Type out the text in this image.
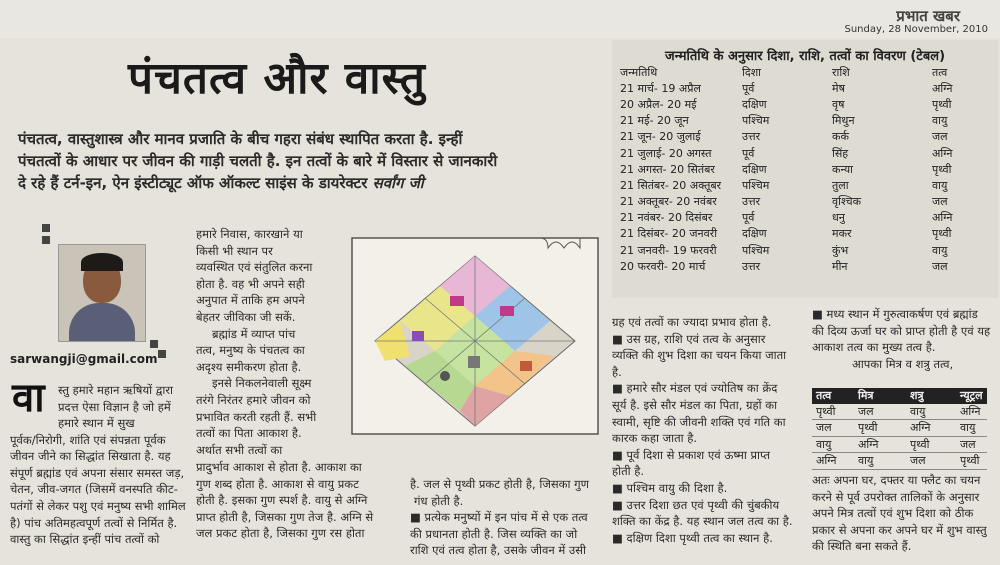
प्रभात खबर
Sunday, 28 November, 2010
पंचतत्व और वास्तु
पंचतत्व, वास्तुशास्त्र और मानव प्रजाति के बीच गहरा संबंध स्थापित करता है. इन्हीं
पंचतत्वों के आधार पर जीवन की गाड़ी चलती है. इन तत्वों के बारे में विस्तार से जानकारी
दे रहे हैं टर्न-इन, ऐन इंस्टीट्यूट ऑफ ऑकल्ट साइंस के डायरेक्टर सर्वांग जी
sarwangji@gmail.com
वा स्तु हमारे महान ऋषियों द्वारा
प्रदत्त ऐसा विज्ञान है जो हमें
हमारे स्थान में सुख
पूर्वक/निरोगी, शांति एवं संपन्नता पूर्वक
जीवन जीने का सिद्धांत सिखाता है. यह
संपूर्ण ब्रह्मांड एवं अपना संसार समस्त जड़,
चेतन, जीव-जगत (जिसमें वनस्पति कीट-
पतंगों से लेकर पशु एवं मनुष्य सभी शामिल
है) पांच अतिमहत्वपूर्ण तत्वों से निर्मित है.
वास्तु का सिद्धांत इन्हीं पांच तत्वों को
हमारे निवास, कारखाने या
किसी भी स्थान पर
व्यवस्थित एवं संतुलित करना
होता है. वह भी अपने सही
अनुपात में ताकि हम अपने
बेहतर जीविका जी सकें.
ब्रह्मांड में व्याप्त पांच
तत्व, मनुष्य के पंचतत्व का
अदृश्य समीकरण होता है.
इनसे निकलनेवाली सूक्ष्म
तरंगे निरंतर हमारे जीवन को
प्रभावित करती रहती हैं. सभी
तत्वों का पिता आकाश है.
अर्थात सभी तत्वों का
प्रादुर्भाव आकाश से होता है. आकाश का
गुण शब्द होता है. आकाश से वायु प्रकट
होती है. इसका गुण स्पर्श है. वायु से अग्नि
प्राप्त होती है, जिसका गुण तेज है. अग्नि से
जल प्रकट होता है, जिसका गुण रस होता
है. जल से पृथ्वी प्रकट होती है, जिसका गुण
गंध होती है.
■ प्रत्येक मनुष्यों में इन पांच में से एक तत्व
की प्रधानता होती है. जिस व्यक्ति का जो
राशि एवं तत्व होता है, उसके जीवन में उसी
जन्मतिथि के अनुसार दिशा, राशि, तत्वों का विवरण (टेबल)
जन्मतिथि	दिशा	राशि	तत्व
21 मार्च- 19 अप्रैल	पूर्व	मेष	अग्नि
20 अप्रैल- 20 मई	दक्षिण	वृष	पृथ्वी
21 मई- 20 जून	पश्चिम	मिथुन	वायु
21 जून- 20 जुलाई	उत्तर	कर्क	जल
21 जुलाई- 20 अगस्त	पूर्व	सिंह	अग्नि
21 अगस्त- 20 सितंबर	दक्षिण	कन्या	पृथ्वी
21 सितंबर- 20 अक्तूबर	पश्चिम	तुला	वायु
21 अक्तूबर- 20 नवंबर	उत्तर	वृश्चिक	जल
21 नवंबर- 20 दिसंबर	पूर्व	धनु	अग्नि
21 दिसंबर- 20 जनवरी	दक्षिण	मकर	पृथ्वी
21 जनवरी- 19 फरवरी	पश्चिम	कुंभ	वायु
20 फरवरी- 20 मार्च	उत्तर	मीन	जल
ग्रह एवं तत्वों का ज्यादा प्रभाव होता है.
■ उस ग्रह, राशि एवं तत्व के अनुसार
व्यक्ति की शुभ दिशा का चयन किया जाता
है.
■ हमारे सौर मंडल एवं ज्योतिष का क्रेंद
सूर्य है. इसे सौर मंडल का पिता, ग्रहों का
स्वामी, सृष्टि की जीवनी शक्ति एवं गति का
कारक कहा जाता है.
■ पूर्व दिशा से प्रकाश एवं ऊष्मा प्राप्त
होती है.
■ पश्चिम वायु की दिशा है.
■ उत्तर दिशा छत एवं पृथ्वी की चुंबकीय
शक्ति का केंद्र है. यह स्थान जल तत्व का है.
■ दक्षिण दिशा पृथ्वी तत्व का स्थान है.
■ मध्य स्थान में गुरुत्वाकर्षण एवं ब्रह्मांड
की दिव्य ऊर्जा घर को प्राप्त होती है एवं यह
आकाश तत्व का मुख्य तत्व है.
आपका मित्र व शत्रु तत्व,
तत्व	मित्र	शत्रु	न्यूट्रल
पृथ्वी	जल	वायु	अग्नि
जल	पृथ्वी	अग्नि	वायु
वायु	अग्नि	पृथ्वी	जल
अग्नि	वायु	जल	पृथ्वी
अतः अपना घर, दफ्तर या फ्लैट का चयन
करने से पूर्व उपरोक्त तालिकों के अनुसार
अपने मित्र तत्वों एवं शुभ दिशा को ठीक
प्रकार से अपना कर अपने घर में शुभ वास्तु
की स्थिति बना सकते हैं.
